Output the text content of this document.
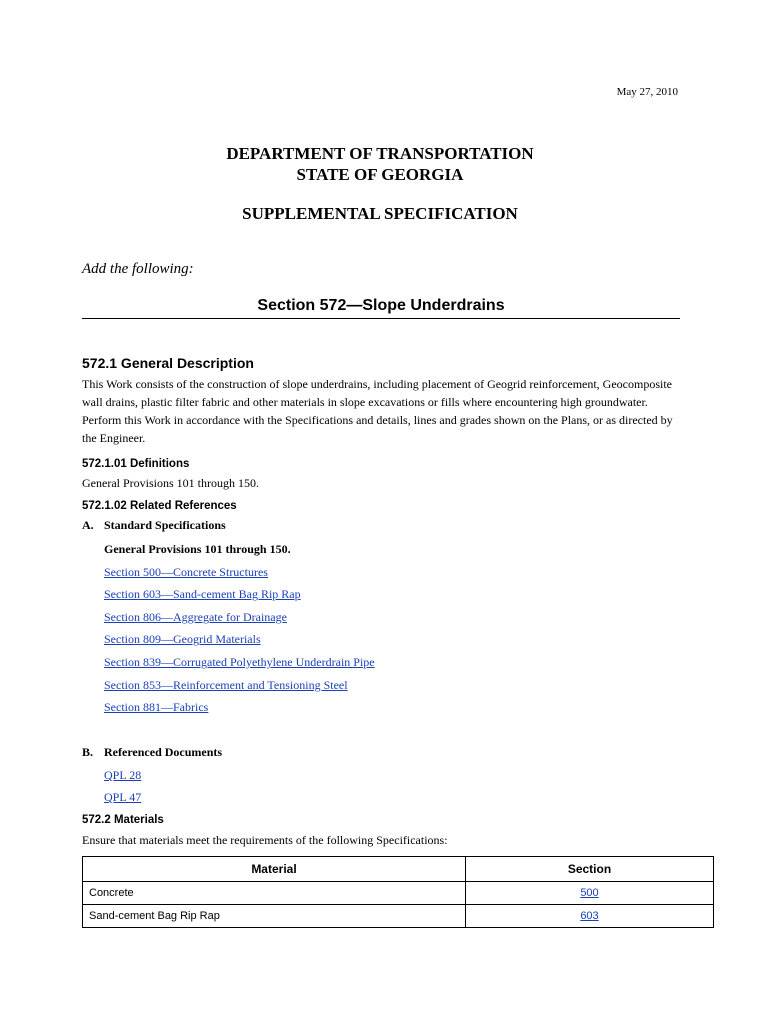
May 27, 2010
DEPARTMENT OF TRANSPORTATION
STATE OF GEORGIA
SUPPLEMENTAL SPECIFICATION
Add the following:
Section 572—Slope Underdrains
572.1 General Description
This Work consists of the construction of slope underdrains, including placement of Geogrid reinforcement, Geocomposite wall drains, plastic filter fabric and other materials in slope excavations or fills where encountering high groundwater. Perform this Work in accordance with the Specifications and details, lines and grades shown on the Plans, or as directed by the Engineer.
572.1.01 Definitions
General Provisions 101 through 150.
572.1.02 Related References
A. Standard Specifications
General Provisions 101 through 150.
Section 500—Concrete Structures
Section 603—Sand-cement Bag Rip Rap
Section 806—Aggregate for Drainage
Section 809—Geogrid Materials
Section 839—Corrugated Polyethylene Underdrain Pipe
Section 853—Reinforcement and Tensioning Steel
Section 881—Fabrics
B. Referenced Documents
QPL 28
QPL 47
572.2 Materials
Ensure that materials meet the requirements of the following Specifications:
Material	Section
Concrete	500
Sand-cement Bag Rip Rap	603
